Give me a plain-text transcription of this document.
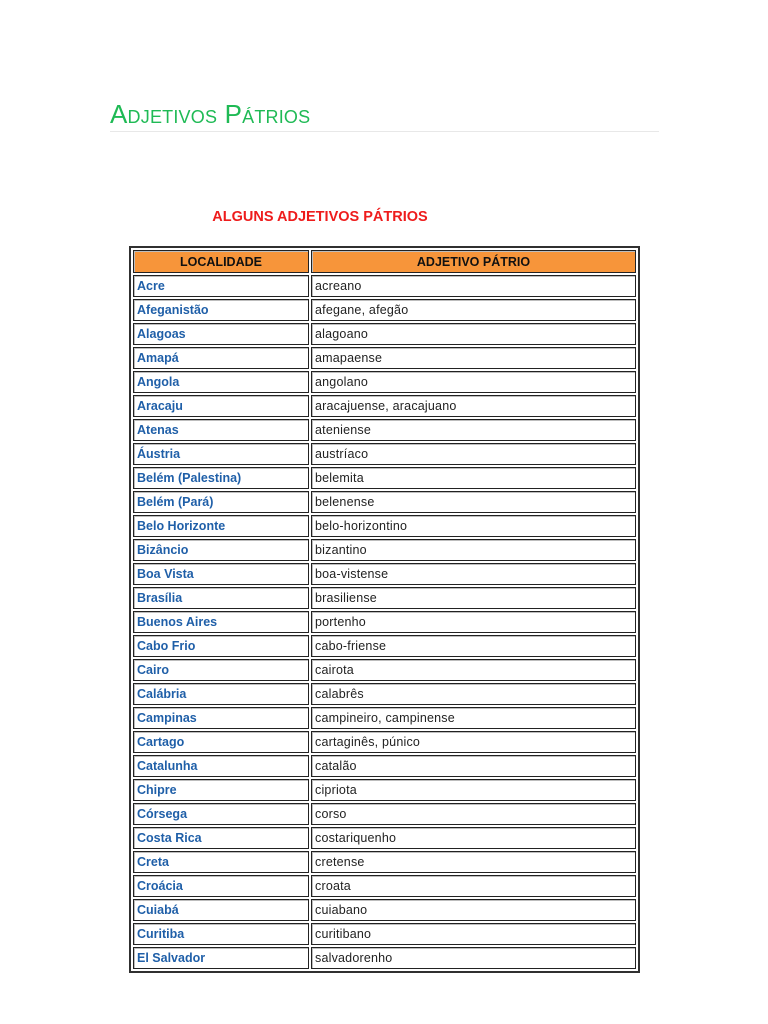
Adjetivos Pátrios
ALGUNS ADJETIVOS PÁTRIOS
LOCALIDADE	ADJETIVO PÁTRIO
Acre	acreano
Afeganistão	afegane, afegão
Alagoas	alagoano
Amapá	amapaense
Angola	angolano
Aracaju	aracajuense, aracajuano
Atenas	ateniense
Áustria	austríaco
Belém (Palestina)	belemita
Belém (Pará)	belenense
Belo Horizonte	belo-horizontino
Bizâncio	bizantino
Boa Vista	boa-vistense
Brasília	brasiliense
Buenos Aires	portenho
Cabo Frio	cabo-friense
Cairo	cairota
Calábria	calabrês
Campinas	campineiro, campinense
Cartago	cartaginês, púnico
Catalunha	catalão
Chipre	cipriota
Córsega	corso
Costa Rica	costariquenho
Creta	cretense
Croácia	croata
Cuiabá	cuiabano
Curitiba	curitibano
El Salvador	salvadorenho
